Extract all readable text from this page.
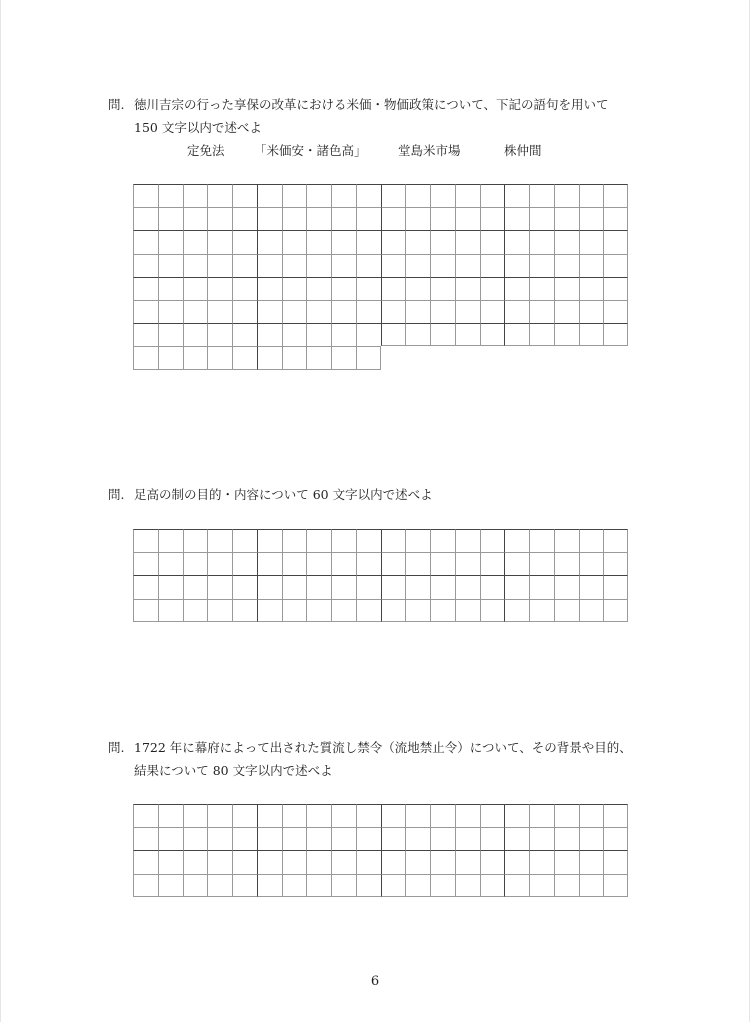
問. 徳川吉宗の行った享保の改革における米価・物価政策について、下記の語句を用いて
150 文字以内で述べよ
定免法 「米価安・諸色高」	堂島米市場	株仲間
問. 足高の制の目的・内容について 60 文字以内で述べよ
問. 1722 年に幕府によって出された質流し禁令（流地禁止令）について、その背景や目的、
結果について 80 文字以内で述べよ
6
